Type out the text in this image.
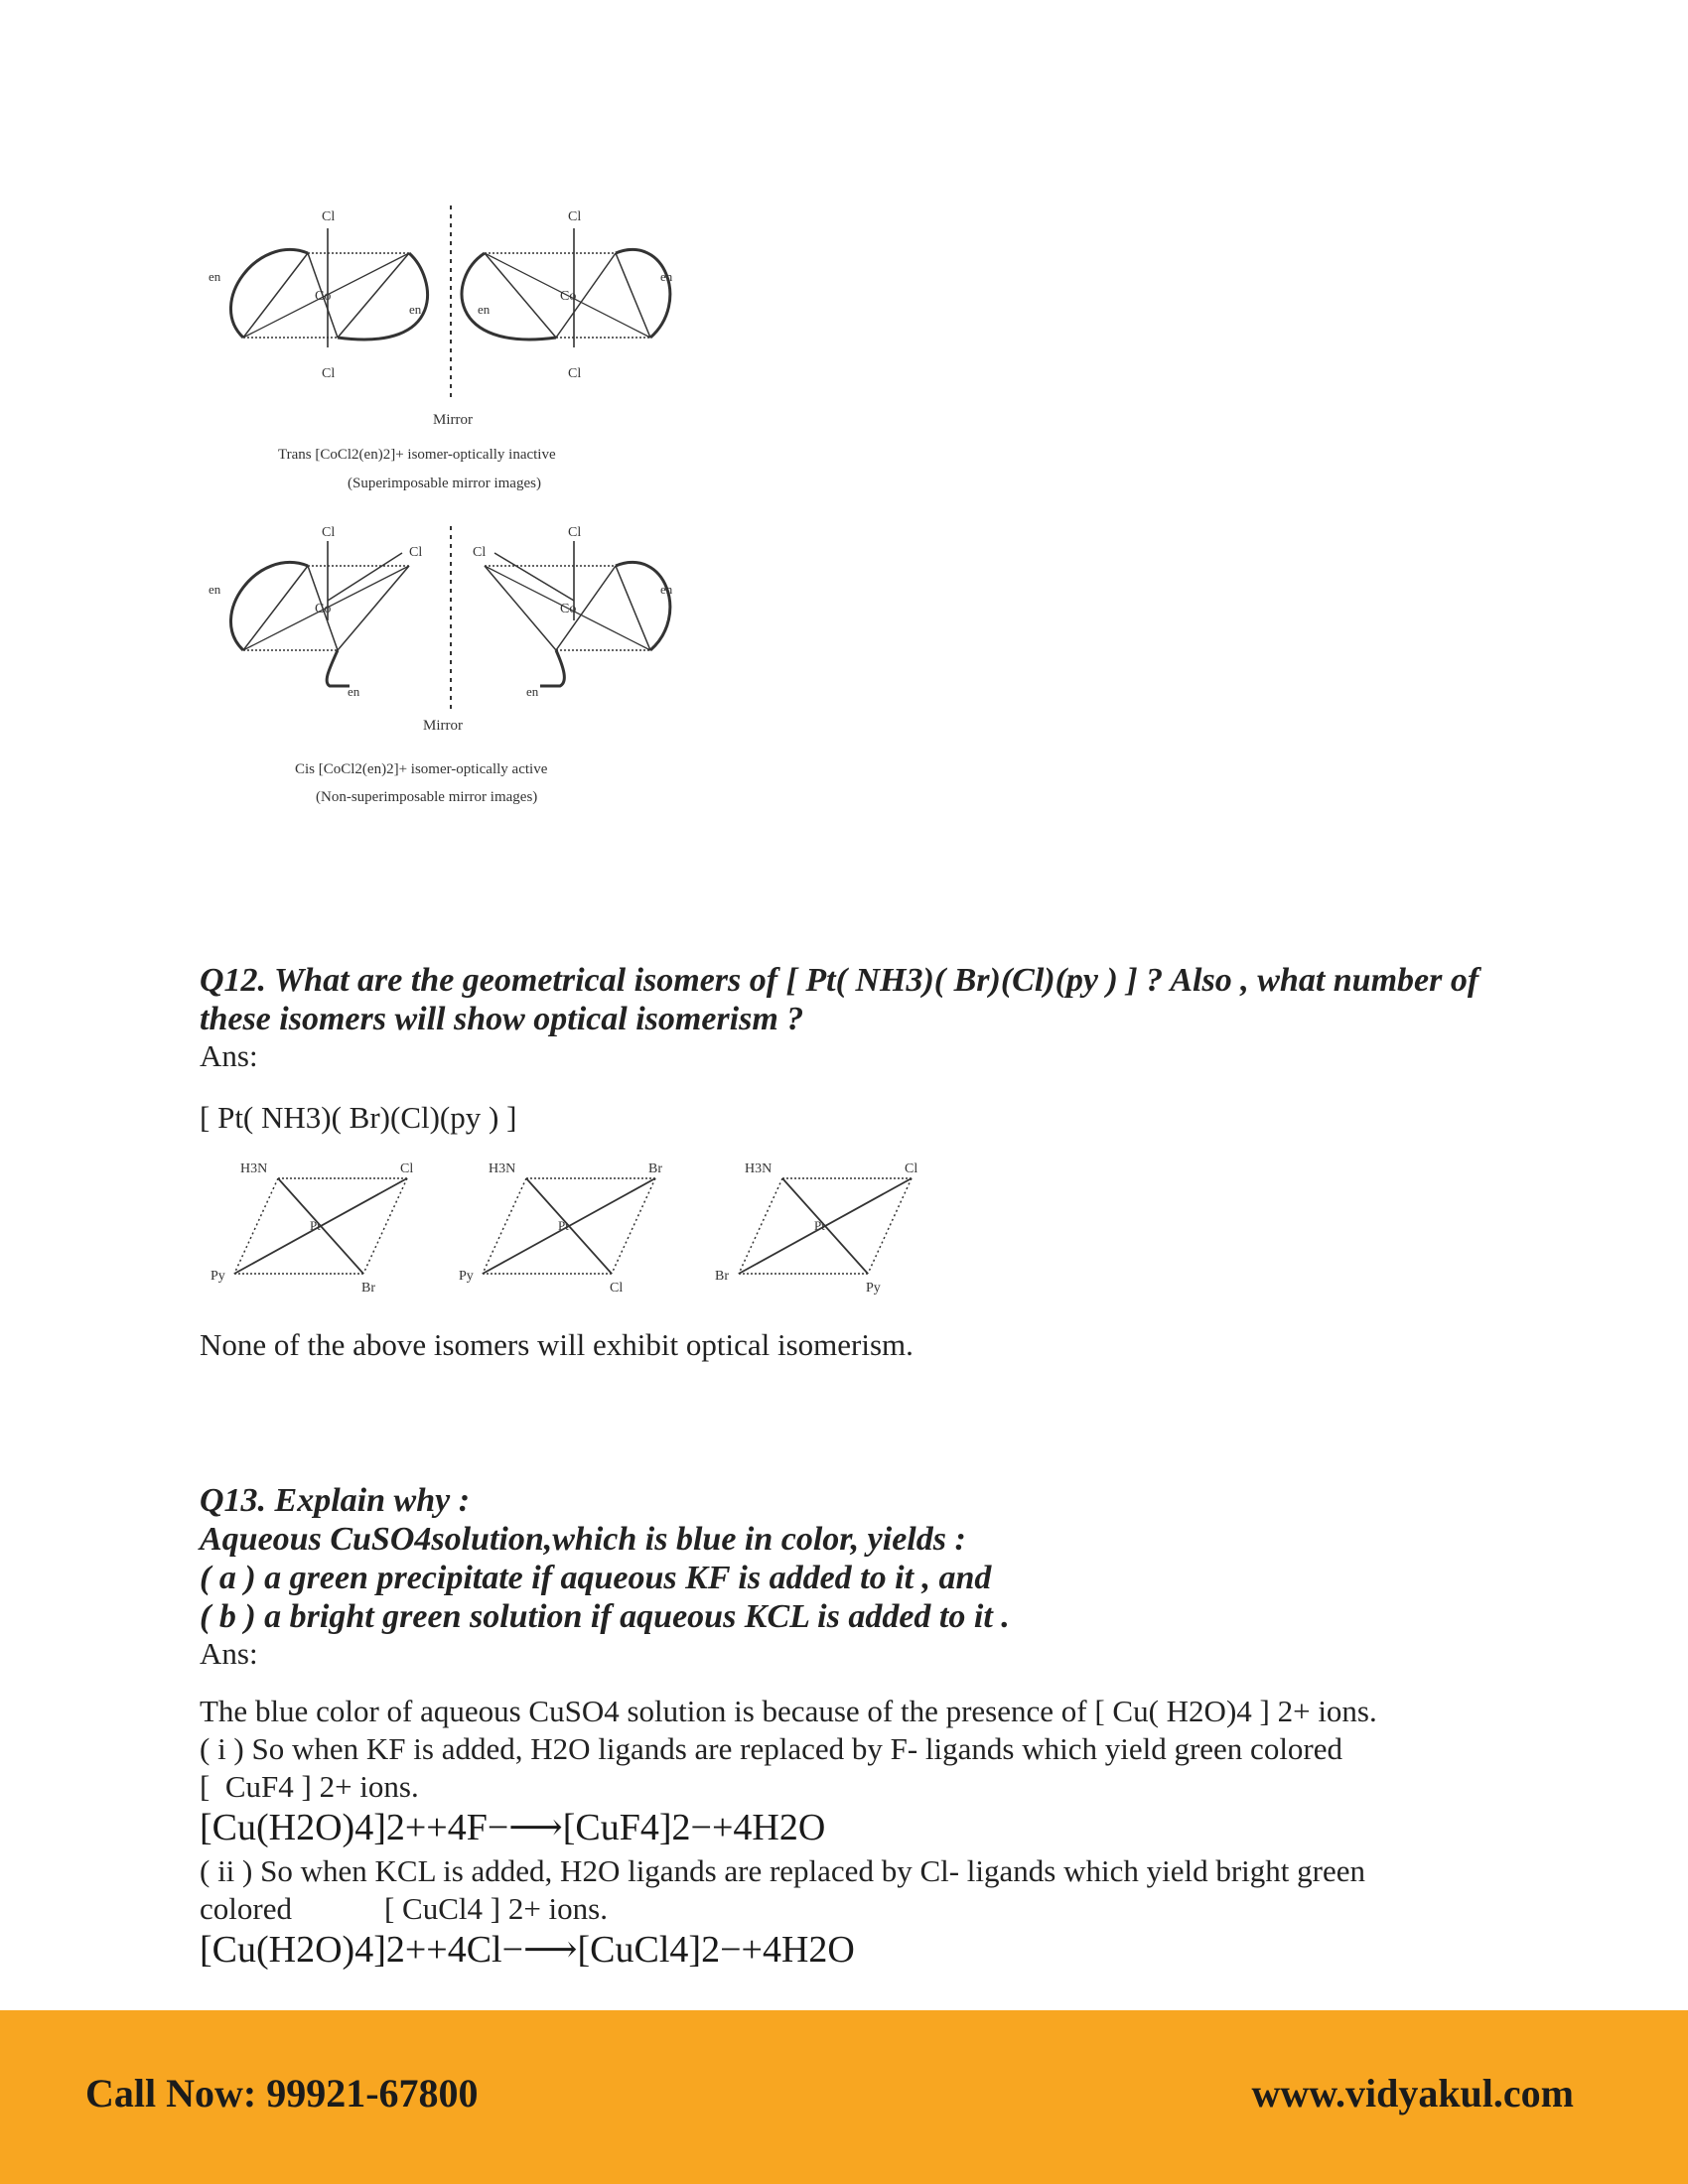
Cl
Cl
en
en
Co
Cl
Cl
en
en
Co
Mirror
Trans [CoCl2(en)2]+ isomer-optically inactive
(Superimposable mirror images)
Cl
Cl
en
en
Co
Cl
Cl
en
en
Co
Mirror
Cis [CoCl2(en)2]+ isomer-optically active
(Non-superimposable mirror images)
Q12. What are the geometrical isomers of [ Pt( NH3)( Br)(Cl)(py ) ] ? Also , what number of
these isomers will show optical isomerism ?
Ans:
[ Pt( NH3)( Br)(Cl)(py ) ]
H3N	Cl
Py
Br
Pt
H3N	Br
Py
Cl
Pt
H3N	Cl
Br
Py
Pt
None of the above isomers will exhibit optical isomerism.
Q13. Explain why :
Aqueous CuSO4solution,which is blue in color, yields :
( a ) a green precipitate if aqueous KF is added to it , and
( b ) a bright green solution if aqueous KCL is added to it .
Ans:
The blue color of aqueous CuSO4 solution is because of the presence of [ Cu( H2O)4 ] 2+ ions.
( i ) So when KF is added, H2O ligands are replaced by F- ligands which yield green colored
[  CuF4 ] 2+ ions.
[Cu(H2O)4]2++4F−⟶[CuF4]2−+4H2O
( ii ) So when KCL is added, H2O ligands are replaced by Cl- ligands which yield bright green
colored            [ CuCl4 ] 2+ ions.
[Cu(H2O)4]2++4Cl−⟶[CuCl4]2−+4H2O
Call Now: 99921-67800	www.vidyakul.com
